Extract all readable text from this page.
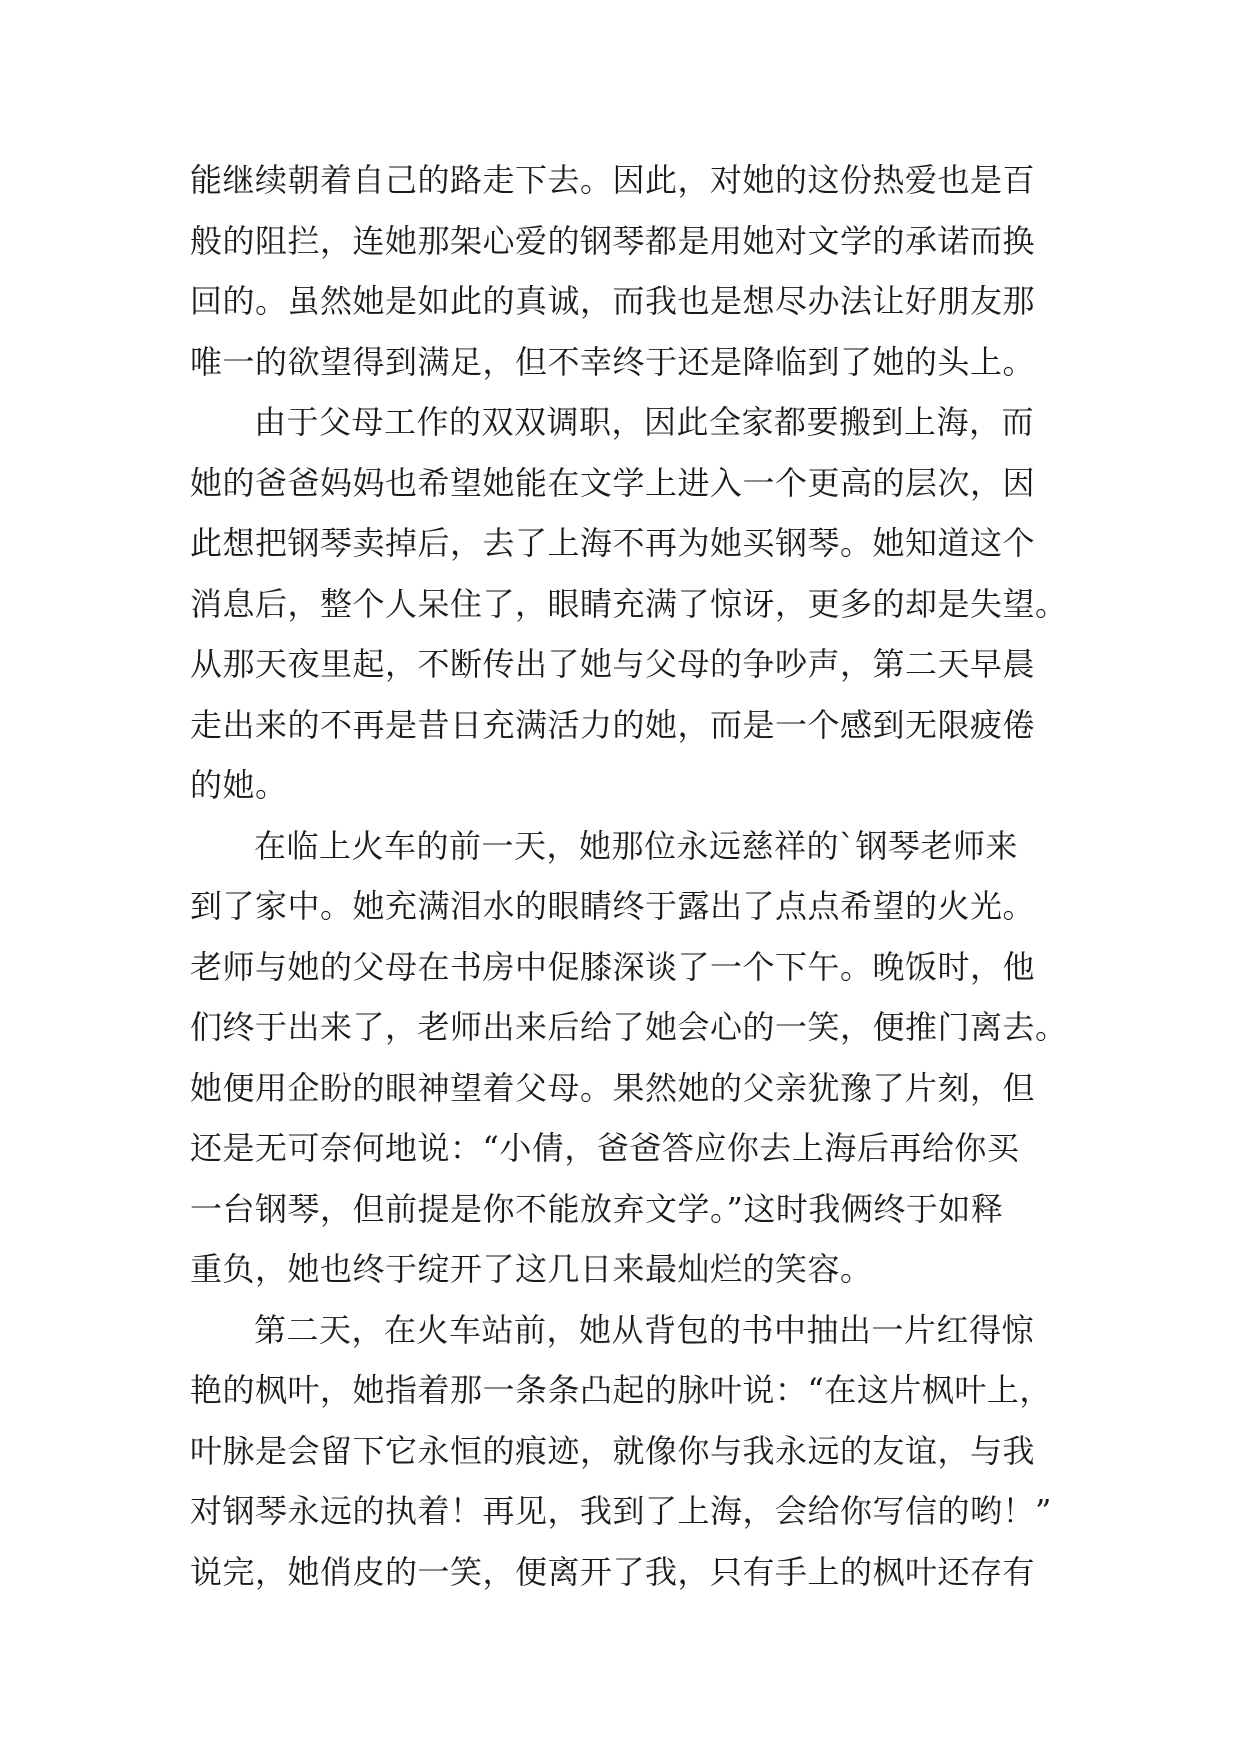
能继续朝着自己的路走下去。因此，对她的这份热爱也是百
般的阻拦，连她那架心爱的钢琴都是用她对文学的承诺而换
回的。虽然她是如此的真诚，而我也是想尽办法让好朋友那
唯一的欲望得到满足，但不幸终于还是降临到了她的头上。
由于父母工作的双双调职，因此全家都要搬到上海，而
她的爸爸妈妈也希望她能在文学上进入一个更高的层次，因
此想把钢琴卖掉后，去了上海不再为她买钢琴。她知道这个
消息后，整个人呆住了，眼睛充满了惊讶，更多的却是失望。
从那天夜里起，不断传出了她与父母的争吵声，第二天早晨
走出来的不再是昔日充满活力的她，而是一个感到无限疲倦
的她。
在临上火车的前一天，她那位永远慈祥的`钢琴老师来
到了家中。她充满泪水的眼睛终于露出了点点希望的火光。
老师与她的父母在书房中促膝深谈了一个下午。晚饭时，他
们终于出来了，老师出来后给了她会心的一笑，便推门离去。
她便用企盼的眼神望着父母。果然她的父亲犹豫了片刻，但
还是无可奈何地说：“小倩，爸爸答应你去上海后再给你买
一台钢琴，但前提是你不能放弃文学。”这时我俩终于如释
重负，她也终于绽开了这几日来最灿烂的笑容。
第二天，在火车站前，她从背包的书中抽出一片红得惊
艳的枫叶，她指着那一条条凸起的脉叶说：“在这片枫叶上，
叶脉是会留下它永恒的痕迹，就像你与我永远的友谊，与我
对钢琴永远的执着！再见，我到了上海，会给你写信的哟！”
说完，她俏皮的一笑，便离开了我，只有手上的枫叶还存有
